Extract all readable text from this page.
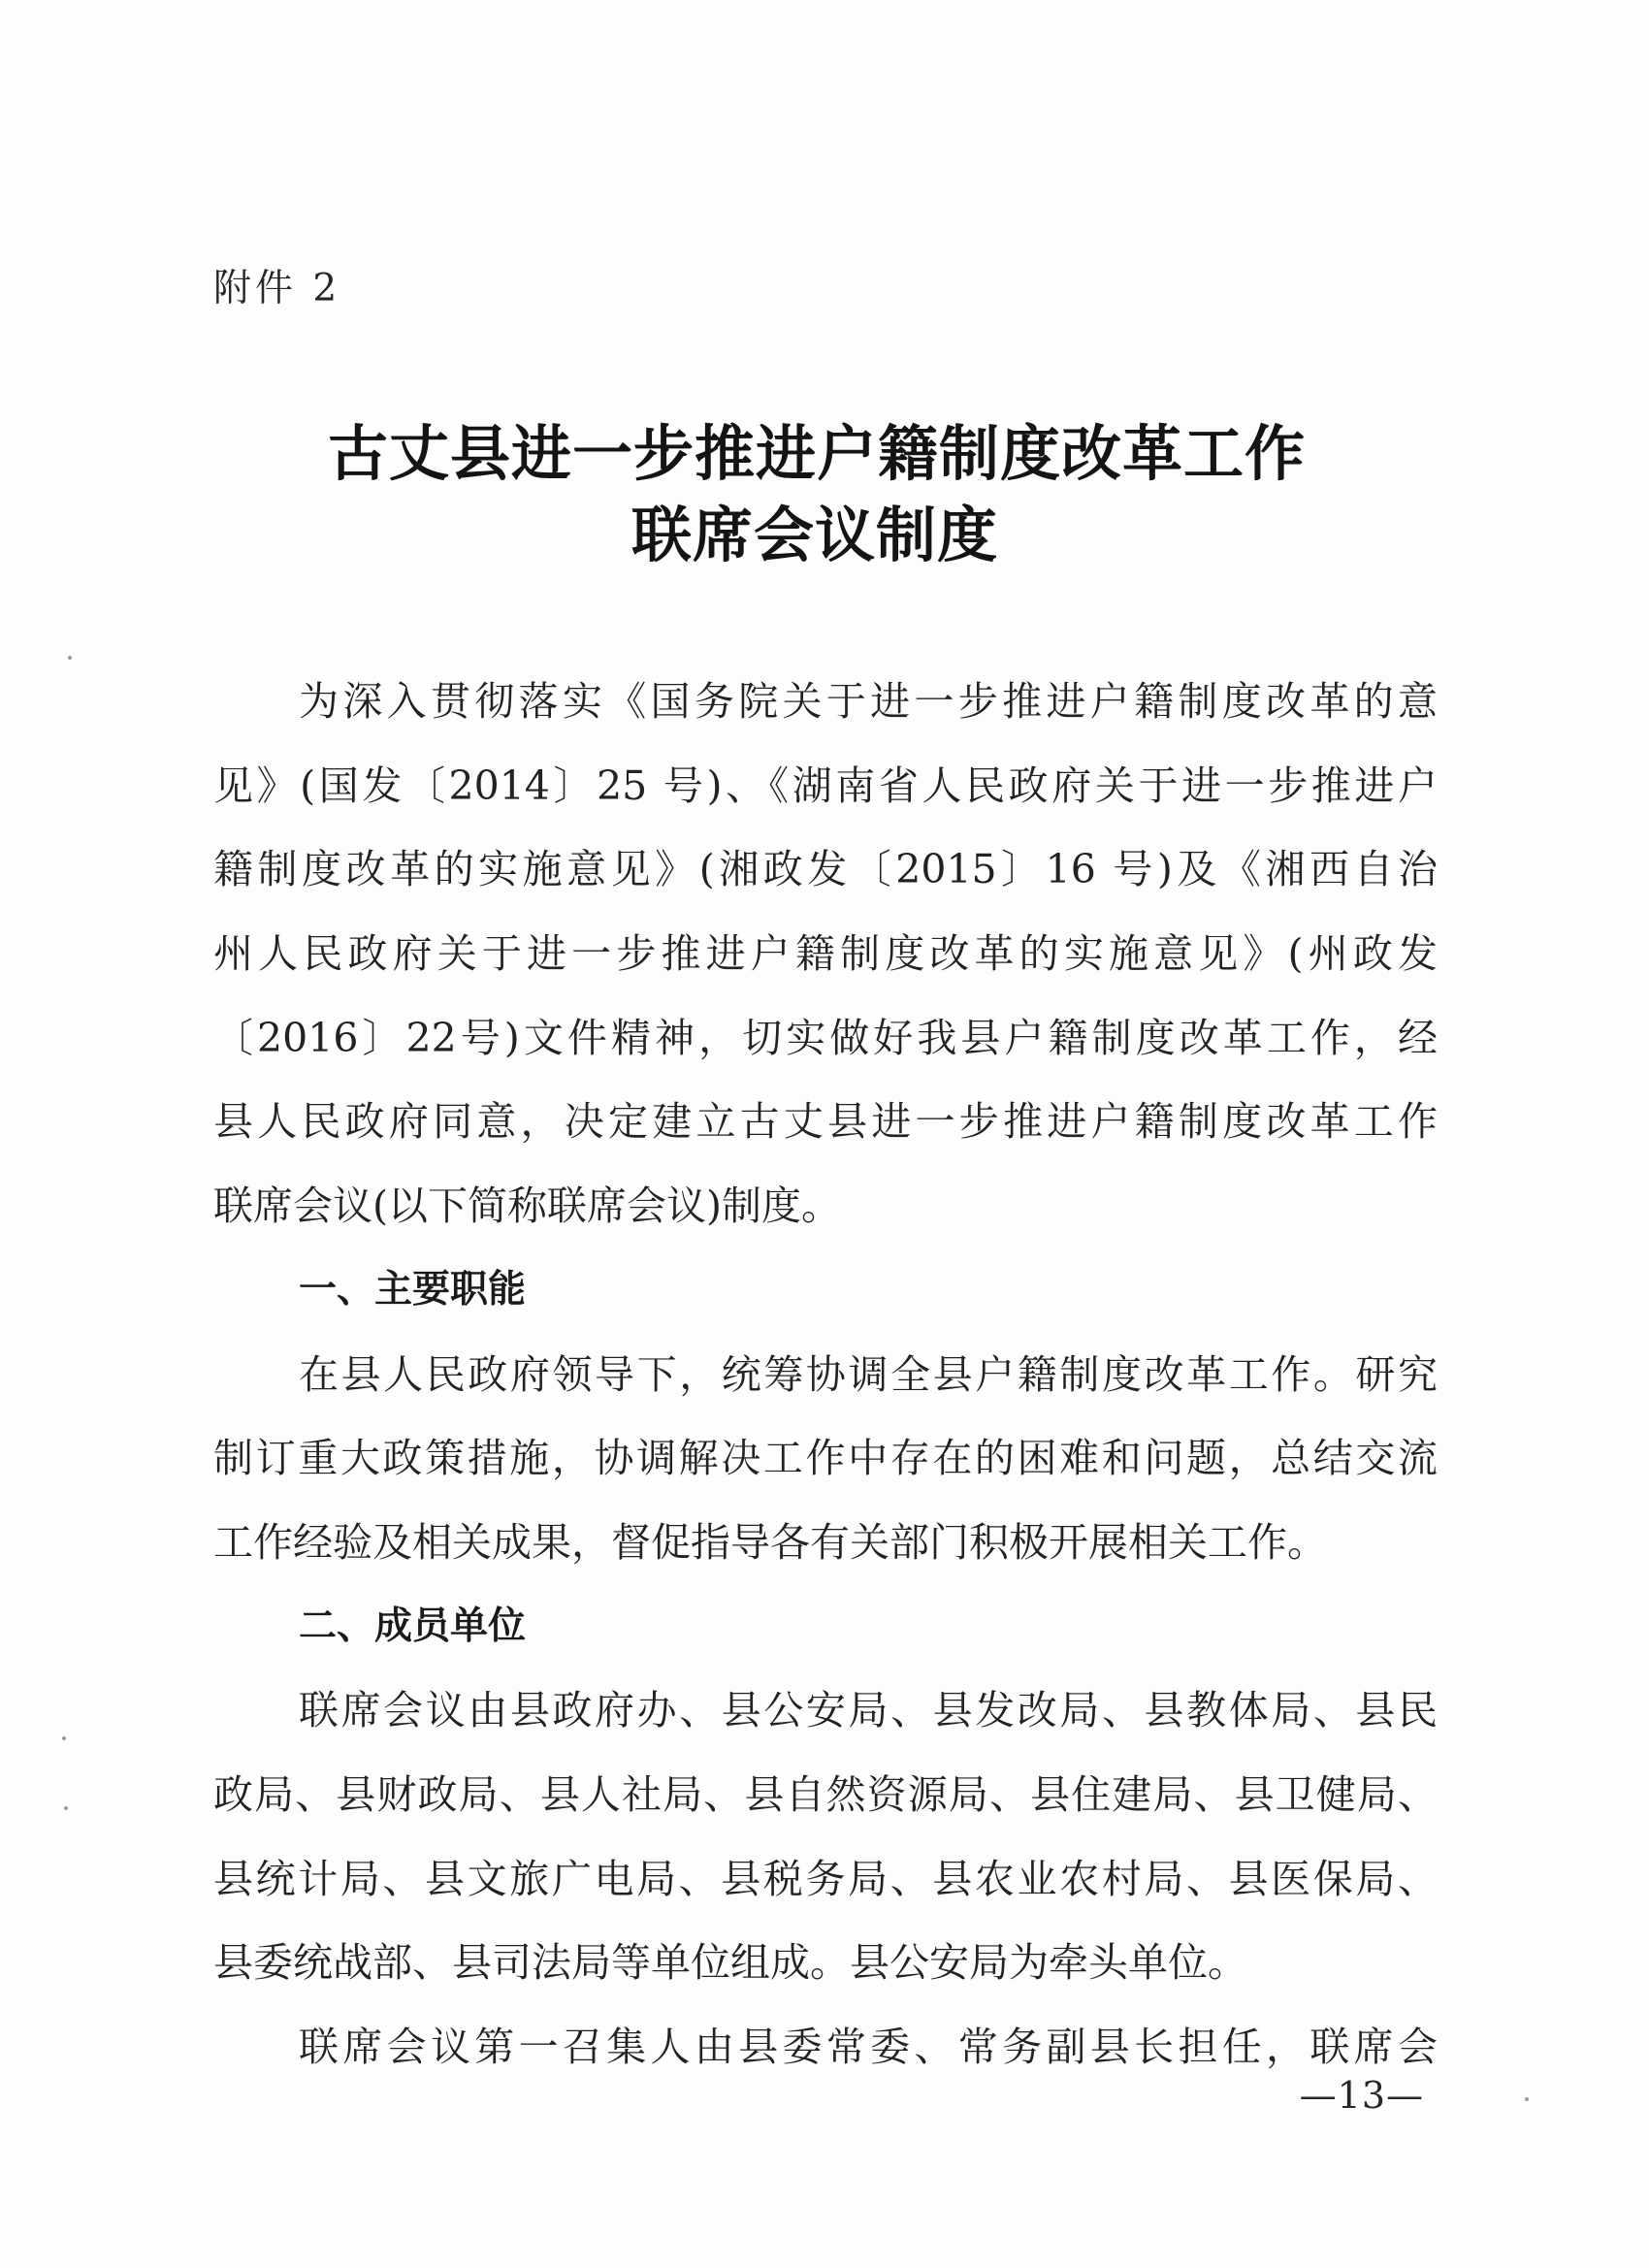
附件 2
古丈县进一步推进户籍制度改革工作
联席会议制度
为深入贯彻落实《国务院关于进一步推进户籍制度改革的意
见》(国发〔2014〕25 号)、《湖南省人民政府关于进一步推进户
籍制度改革的实施意见》(湘政发〔2015〕16 号)及《湘西自治
州人民政府关于进一步推进户籍制度改革的实施意见》(州政发
〔2016〕22号)文件精神，切实做好我县户籍制度改革工作，经
县人民政府同意，决定建立古丈县进一步推进户籍制度改革工作
联席会议(以下简称联席会议)制度。
一、主要职能
在县人民政府领导下，统筹协调全县户籍制度改革工作。研究
制订重大政策措施，协调解决工作中存在的困难和问题，总结交流
工作经验及相关成果，督促指导各有关部门积极开展相关工作。
二、成员单位
联席会议由县政府办、县公安局、县发改局、县教体局、县民
政局、县财政局、县人社局、县自然资源局、县住建局、县卫健局、
县统计局、县文旅广电局、县税务局、县农业农村局、县医保局、
县委统战部、县司法局等单位组成。县公安局为牵头单位。
联席会议第一召集人由县委常委、常务副县长担任，联席会
—13—
